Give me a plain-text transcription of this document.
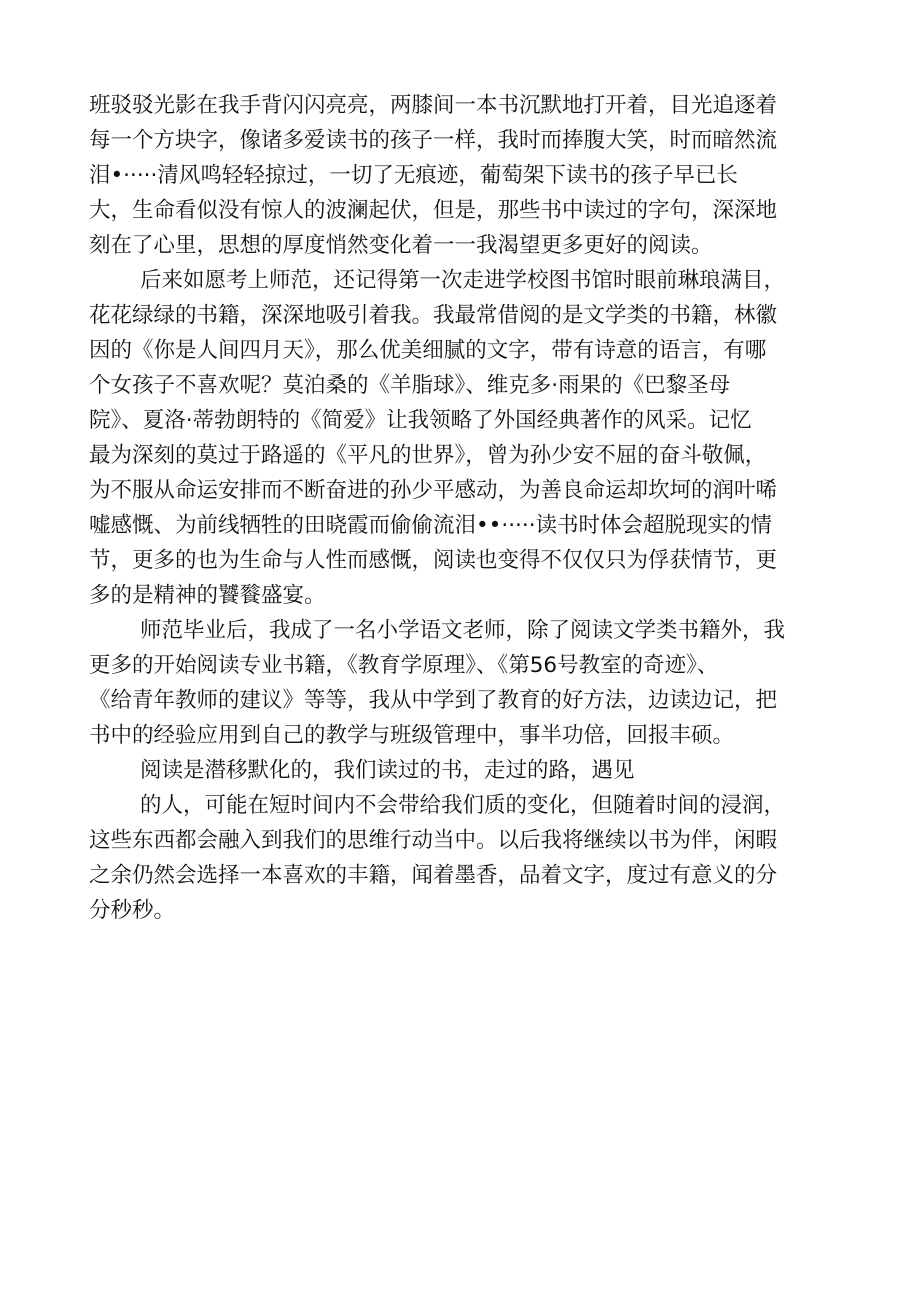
班驳驳光影在我手背闪闪亮亮，两膝间一本书沉默地打开着，目光追逐着
每一个方块字，像诸多爱读书的孩子一样，我时而捧腹大笑，时而暗然流
泪•·····清风鸣轻轻掠过，一切了无痕迹，葡萄架下读书的孩子早已长
大，生命看似没有惊人的波澜起伏，但是，那些书中读过的字句，深深地
刻在了心里，思想的厚度悄然变化着一一我渴望更多更好的阅读。
后来如愿考上师范，还记得第一次走进学校图书馆时眼前琳琅满目，
花花绿绿的书籍，深深地吸引着我。我最常借阅的是文学类的书籍，林徽
因的《你是人间四月天》，那么优美细腻的文字，带有诗意的语言，有哪
个女孩子不喜欢呢？莫泊桑的《羊脂球》、维克多·雨果的《巴黎圣母
院》、夏洛·蒂勃朗特的《简爱》让我领略了外国经典著作的风采。记忆
最为深刻的莫过于路遥的《平凡的世界》，曾为孙少安不屈的奋斗敬佩，
为不服从命运安排而不断奋进的孙少平感动，为善良命运却坎坷的润叶唏
嘘感慨、为前线牺牲的田晓霞而偷偷流泪••·····读书时体会超脱现实的情
节，更多的也为生命与人性而感慨，阅读也变得不仅仅只为俘获情节，更
多的是精神的饕餮盛宴。
师范毕业后，我成了一名小学语文老师，除了阅读文学类书籍外，我
更多的开始阅读专业书籍，《教育学原理》、《第56号教室的奇迹》、
《给青年教师的建议》等等，我从中学到了教育的好方法，边读边记，把
书中的经验应用到自己的教学与班级管理中，事半功倍，回报丰硕。
阅读是潜移默化的，我们读过的书，走过的路，遇见
的人，可能在短时间内不会带给我们质的变化，但随着时间的浸润，
这些东西都会融入到我们的思维行动当中。以后我将继续以书为伴，闲暇
之余仍然会选择一本喜欢的丰籍，闻着墨香，品着文字，度过有意义的分
分秒秒。
